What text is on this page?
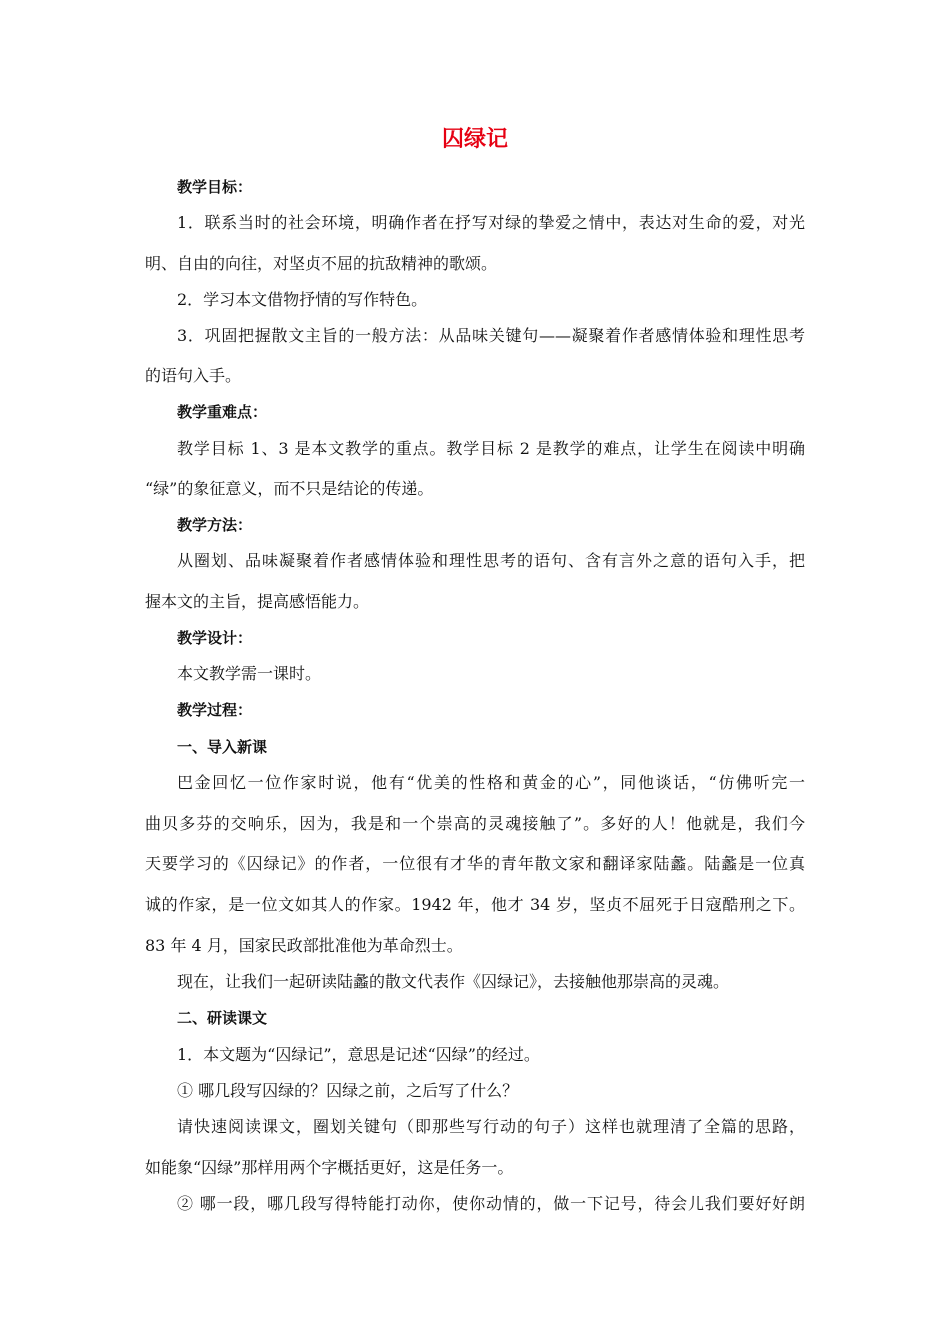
囚绿记
教学目标：
1．联系当时的社会环境，明确作者在抒写对绿的挚爱之情中，表达对生命的爱，对光
明、自由的向往，对坚贞不屈的抗敌精神的歌颂。
2．学习本文借物抒情的写作特色。
3．巩固把握散文主旨的一般方法：从品味关键句——凝聚着作者感情体验和理性思考
的语句入手。
教学重难点：
教学目标 1、3 是本文教学的重点。教学目标 2 是教学的难点，让学生在阅读中明确
“绿”的象征意义，而不只是结论的传递。
教学方法：
从圈划、品味凝聚着作者感情体验和理性思考的语句、含有言外之意的语句入手，把
握本文的主旨，提高感悟能力。
教学设计：
本文教学需一课时。
教学过程：
一、导入新课
巴金回忆一位作家时说，他有“优美的性格和黄金的心”，同他谈话，“仿佛听完一
曲贝多芬的交响乐，因为，我是和一个崇高的灵魂接触了”。多好的人！他就是，我们今
天要学习的《囚绿记》的作者，一位很有才华的青年散文家和翻译家陆蠡。陆蠡是一位真
诚的作家，是一位文如其人的作家。1942 年，他才 34 岁，坚贞不屈死于日寇酷刑之下。
83 年 4 月，国家民政部批准他为革命烈士。
现在，让我们一起研读陆蠡的散文代表作《囚绿记》，去接触他那崇高的灵魂。
二、研读课文
1．本文题为“囚绿记”，意思是记述“囚绿”的经过。
① 哪几段写囚绿的？囚绿之前，之后写了什么？
请快速阅读课文，圈划关键句（即那些写行动的句子）这样也就理清了全篇的思路，
如能象“囚绿”那样用两个字概括更好，这是任务一。
② 哪一段，哪几段写得特能打动你，使你动情的，做一下记号，待会儿我们要好好朗
